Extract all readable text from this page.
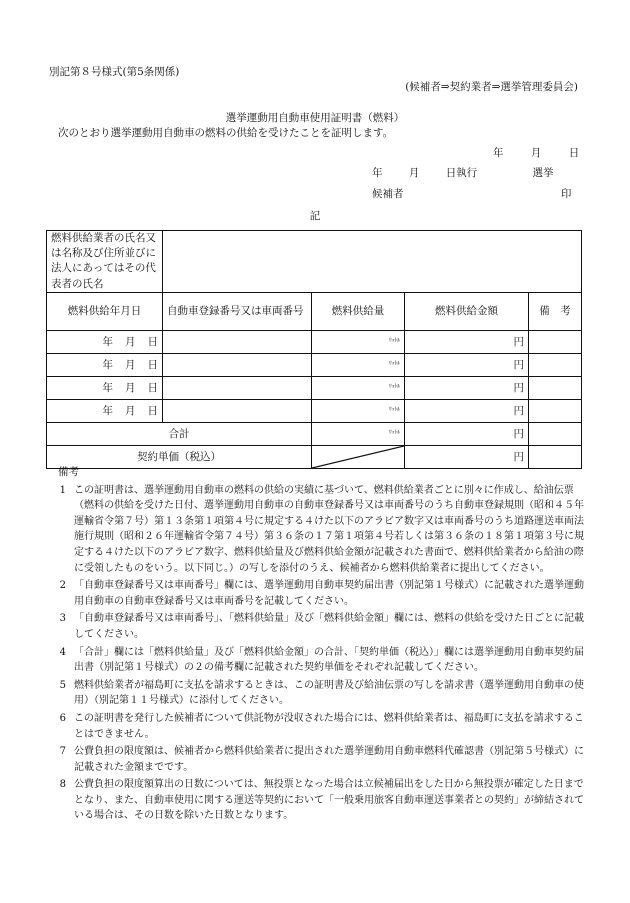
別記第８号様式(第5条関係)
(候補者⇒契約業者⇒選挙管理委員会)
選挙運動用自動車使用証明書（燃料）
次のとおり選挙運動用自動車の燃料の供給を受けたことを証明します。
年	月	日
年	月	日執行	選挙
候補者	印
記
燃料供給業者の氏名又は名称及び住所並びに法人にあってはその代表者の氏名				
燃料供給年月日	自動車登録番号又は車両番号	燃料供給量	燃料供給金額	備　考
年 月 日		ﾘｯﾄﾙ	円	
年 月 日		ﾘｯﾄﾙ	円	
年 月 日		ﾘｯﾄﾙ	円	
年 月 日		ﾘｯﾄﾙ	円	
合計		ﾘｯﾄﾙ	円	
契約単価（税込）			円	
備考
1 この証明書は、選挙運動用自動車の燃料の供給の実績に基づいて、燃料供給業者ごとに別々に作成し、給油伝票（燃料の供給を受けた日付、選挙運動用自動車の自動車登録番号又は車両番号のうち自動車登録規則（昭和４５年運輸省令第７号）第１３条第１項第４号に規定する４けた以下のアラビア数字又は車両番号のうち道路運送車両法施行規則（昭和２６年運輸省令第７４号）第３６条の１７第１項第４号若しくは第３６条の１８第１項第３号に規定する４けた以下のアラビア数字、燃料供給量及び燃料供給金額が記載された書面で、燃料供給業者から給油の際に受領したものをいう。以下同じ。）の写しを添付のうえ、候補者から燃料供給業者に提出してください。
2 「自動車登録番号又は車両番号」欄には、選挙運動用自動車契約届出書（別記第１号様式）に記載された選挙運動用自動車の自動車登録番号又は車両番号を記載してください。
3 「自動車登録番号又は車両番号」、「燃料供給量」及び「燃料供給金額」欄には、燃料の供給を受けた日ごとに記載してください。
4 「合計」欄には「燃料供給量」及び「燃料供給金額」の合計、「契約単価（税込）」欄には選挙運動用自動車契約届出書（別記第１号様式）の２の備考欄に記載された契約単価をそれぞれ記載してください。
5 燃料供給業者が福島町に支払を請求するときは、この証明書及び給油伝票の写しを請求書（選挙運動用自動車の使用）（別記第１１号様式）に添付してください。
6 この証明書を発行した候補者について供託物が没収された場合には、燃料供給業者は、福島町に支払を請求することはできません。
7 公費負担の限度額は、候補者から燃料供給業者に提出された選挙運動用自動車燃料代確認書（別記第５号様式）に記載された金額までです。
8 公費負担の限度額算出の日数については、無投票となった場合は立候補届出をした日から無投票が確定した日までとなり、また、自動車使用に関する運送等契約において「一般乗用旅客自動車運送事業者との契約」が締結されている場合は、その日数を除いた日数となります。
